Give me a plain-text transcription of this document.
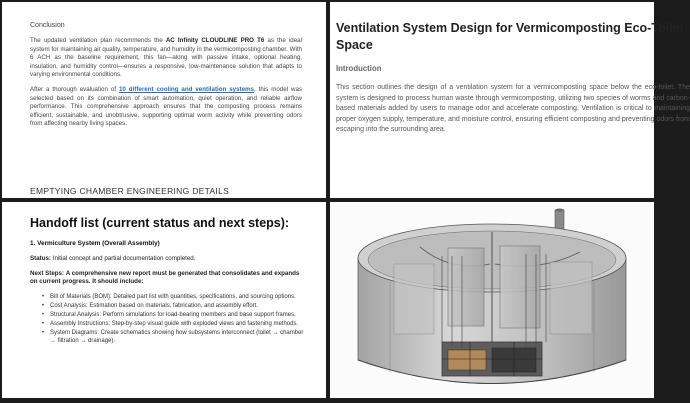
Conclusion

The updated ventilation plan recommends the AC Infinity CLOUDLINE PRO T6 as the ideal system for maintaining air quality, temperature, and humidity in the vermicomposting chamber. With 6 ACH as the baseline requirement, this fan—along with passive intake, optional heating, insulation, and humidity control—ensures a responsive, low-maintenance solution that adapts to varying environmental conditions.

After a thorough evaluation of 10 different cooling and ventilation systems, this model was selected based on its combination of smart automation, quiet operation, and reliable airflow performance. This comprehensive approach ensures that the composting process remains efficient, sustainable, and unobtrusive, supporting optimal worm activity while preventing odors from affecting nearby living spaces.

EMPTYING CHAMBER ENGINEERING DETAILS
Ventilation System Design for Vermicomposting Eco-Toilet Space
Introduction

This section outlines the design of a ventilation system for a vermicomposting space below the eco-toilet. The system is designed to process human waste through vermicomposting, utilizing two species of worms and carbon-based materials added by users to manage odor and accelerate composting. Ventilation is critical to maintaining proper oxygen supply, temperature, and moisture control, ensuring efficient composting and preventing odors from escaping into the surrounding area.

Handoff list (current status and next steps):
1. Vermiculture System (Overall Assembly)

Status: Initial concept and partial documentation completed.

Next Steps: A comprehensive new report must be generated that consolidates and expands on current progress. It should include:

• Bill of Materials (BOM): Detailed part list with quantities, specifications, and sourcing options.
• Cost Analysis: Estimation based on materials, fabrication, and assembly effort.
• Structural Analysis: Perform simulations for load-bearing members and base support frames.
• Assembly Instructions: Step-by-step visual guide with exploded views and fastening methods.
• System Diagrams: Create schematics showing how subsystems interconnect (toilet → chamber → filtration → drainage).
